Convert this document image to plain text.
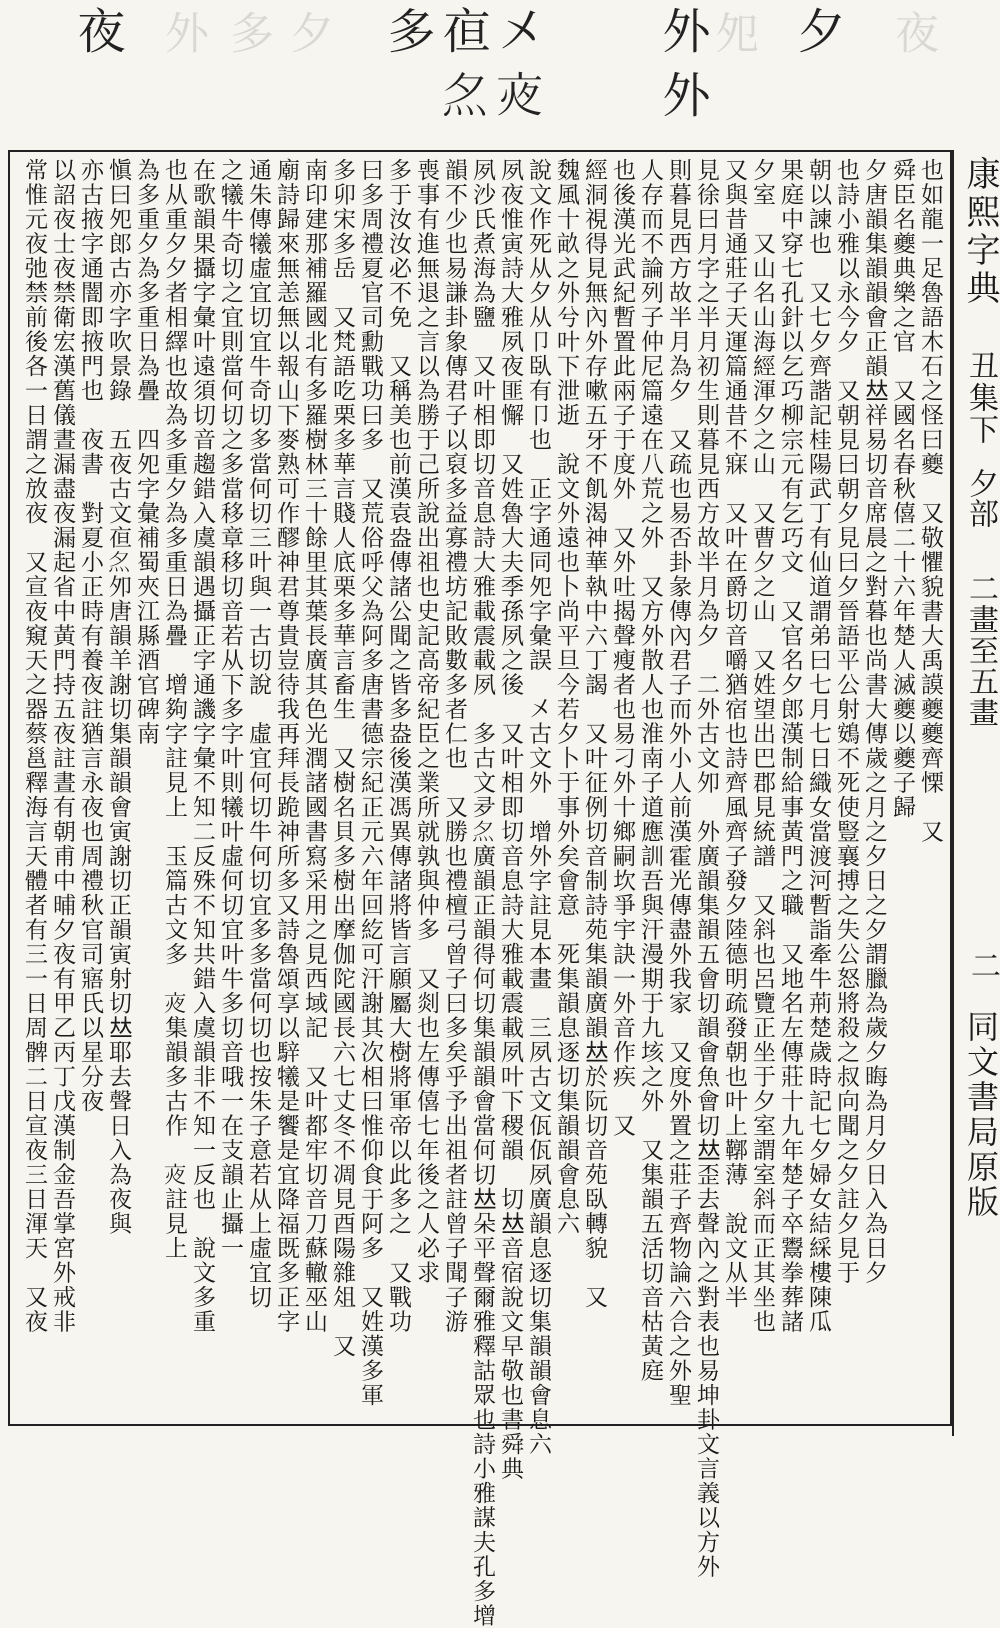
外 多 夕	夗	夜
夕
外
外
㐅
亱
𡖋
多
𡖍
夜
康熙字典
丑集下
夕部
二畫至五畫
二
同文書局原版
也如龍一足魯語木石之怪曰夔　又敬懼貌書大禹謨夔夔齊慄　又
舜臣名夔典樂之官　又國名春秋僖二十六年楚人滅夔以夔子歸
夕唐韻集韻韻會正韻𠀤祥易切音席晨之對暮也尚書大傳歲之月之夕日之夕謂臘為歲夕晦為月夕日入為日夕
也詩小雅以永今夕　又朝見曰朝夕見曰夕晉語平公射鴳不死使豎襄搏之失公怒將殺之叔向聞之夕註夕見于
朝以諫也　又七夕齊諧記桂陽武丁有仙道謂弟曰七月七日織女當渡河暫詣牽牛荊楚歲時記七夕婦女結綵樓陳瓜
果庭中穿七孔針以乞巧柳宗元有乞巧文　又官名夕郎漢制給事黃門之職　又地名左傳莊十九年楚子卒鬻拳葬諸
夕室　又山名山海經渾夕之山　又曹夕之山　又姓望出巴郡見統譜　又斜也呂覽正坐于夕室謂室斜而正其坐也
又與昔通莊子天運篇通昔不寐　又叶在爵切音嚼猶宿也詩齊風齊子發夕陸德明疏發朝也叶上鞹薄　說文从半
見徐曰月字之半月初生則暮見西方故半月為夕　二外古文夘　外廣韻集韻五會切韻會魚會切𠀤歪去聲內之對表也易坤卦文言義以方外
則暮見西方故半月為夕　又疏也易否卦彖傳內君子而外小人前漢霍光傳盡外我家　又度外置之莊子齊物論六合之外聖
人存而不論列子仲尼篇遠在八荒之外　又方外散人也淮南子道應訓吾與汗漫期于九垓之外　又集韻五活切音枯黃庭
也後漢光武紀暫置此兩子于度外　又外吐揭聲瘦者也易刁外十鄉嗣坎爭宇訣一外音作疾　又
經洞視得見無內外存嗽五牙不飢渴神華執中六丁謁　又叶征例切音制詩苑集韻廣韻𠀤於阮切音苑臥轉貌　又
魏風十畝之外兮叶下泄逝　說文外遠也卜尚平旦今若夕卜于事外矣會意　死集韻息逐切集韻韻會息六
說文作死从夕从卩臥有卩也　正字通同夗字彙誤　㐅古文外　增外字註見本畫　三夙古文佤佤夙廣韻息逐切集韻韻會息六
夙夜惟寅詩大雅夙夜匪懈　又姓魯大夫季孫夙之後　又叶相即切音息詩大雅載震載夙叶下稷韻　切𠀤音宿說文早敬也書舜典
夙沙氏煮海為鹽　又叶相即切音息詩大雅載震載夙　多古文夛𡖋廣韻正韻得何切集韻韻會當何切𠀤朵平聲爾雅釋詁眾也詩小雅謀夫孔多增
韻不少也易謙卦象傳君子以裒多益寡禮坊記敗數多者仁也　又勝也禮檀弓曾子曰多矣乎予出祖者註曾子聞子游
喪事有進無退之言以為勝于己所說出祖也史記高帝紀臣之業所就孰與仲多　又剡也左傳僖七年後之人必求
多于汝汝必不免　又稱美也前漢袁盎傳諸公聞之皆多盎後漢馮異傳諸將皆言願屬大樹將軍帝以此多之　又戰功
曰多周禮夏官司勳戰功曰多　又荒俗呼父為阿多唐書德宗紀正元六年回紇可汗謝其次相曰惟仰食于阿多　又姓漢多軍
多卯宋多岳　又梵語吃栗多華言賤人底栗多華言畜生　又樹名貝多樹出摩伽陀國長六七丈冬不凋見酉陽雜俎　又
南印建那補羅國北有多羅樹林三十餘里其葉長廣其色光潤諸國書寫采用之見西域記　又叶都牢切音刀蘇轍巫山
廟詩歸來無恙無以報山下麥熟可作醪神君尊貴豈待我再拜長跪神所多又詩魯頌享以騂犧是饗是宜降福既多正字
通朱傳犧虛宜切宜牛奇切多當何切三叶與一古切說　虛宜何切牛何切宜多多當何切也按朱子意若从上虛宜切
之犧牛奇切之宜則當何切之多當移章移切音若从下多字叶則犧叶虛何切宜叶牛多切音哦一在支韻止攝一
在歌韻果攝字彙叶遠須切音趨錯入虞韻遇攝正字通譏字彙不知二反殊不知共錯入虞韻非不知一反也　說文多重
也从重夕夕者相繹也故為多重夕為多重日為疊　增夠字註見上　玉篇古文多　𡖍集韻多古作　𡖍註見上
為多重夕為多重日為疊　四夗字彙補蜀夾江縣酒官碑南
愼曰夗郎古亦字吹景錄　五夜古文亱𡖋夘唐韻羊謝切集韻韻會寅謝切正韻寅射切𠀤耶去聲日入為夜與
亦古掖字通闇即掖門也　夜書　對夏小正時有養夜註猶言永夜也周禮秋官司寤氏以星分夜
以詔夜士夜禁衛宏漢舊儀晝漏盡夜漏起省中黃門持五夜註晝有朝甫中晡夕夜有甲乙丙丁戊漢制金吾掌宮外戒非
常惟元夜弛禁前後各一日謂之放夜　又宣夜窺天之器蔡邕釋海言天體者有三一日周髀二日宣夜三日渾天　又夜
